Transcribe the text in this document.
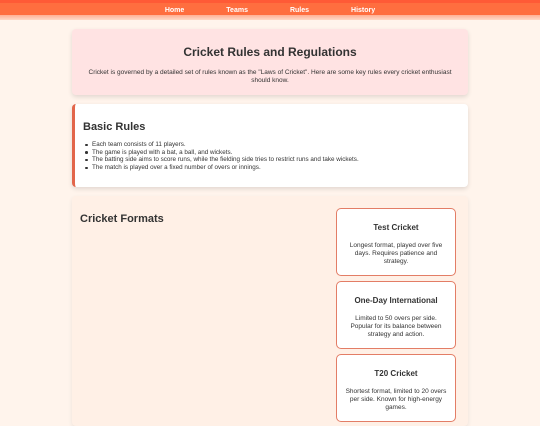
Home	Teams	Rules	History
Cricket Rules and Regulations

Cricket is governed by a detailed set of rules known as the "Laws of Cricket". Here are some key rules every cricket enthusiast should know.

Basic Rules
Each team consists of 11 players.
The game is played with a bat, a ball, and wickets.
The batting side aims to score runs, while the fielding side tries to restrict runs and take wickets.
The match is played over a fixed number of overs or innings.
Cricket Formats
Test Cricket

Longest format, played over five days. Requires patience and strategy.

One-Day International

Limited to 50 overs per side. Popular for its balance between strategy and action.

T20 Cricket

Shortest format, limited to 20 overs per side. Known for high-energy games.
